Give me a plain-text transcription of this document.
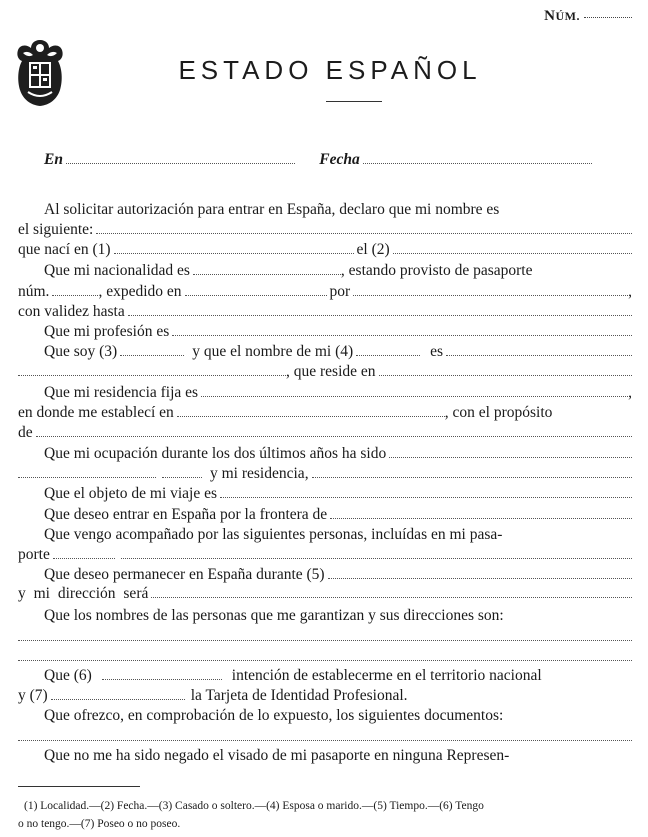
NÚM.
ESTADO ESPAÑOL
En	Fecha
Al solicitar autorización para entrar en España, declaro que mi nombre es
el siguiente:
que nací en (1)	el (2)
Que mi nacionalidad es	, estando provisto de pasaporte
núm.	, expedido en	por	,
con validez hasta
Que mi profesión es
Que soy (3)	y que el nombre de mi (4)	es
, que reside en
Que mi residencia fija es	,
en donde me establecí en	, con el propósito
de
Que mi ocupación durante los dos últimos años ha sido
y mi residencia,
Que el objeto de mi viaje es
Que deseo entrar en España por la frontera de
Que vengo acompañado por las siguientes personas, incluídas en mi pasa-
porte
Que deseo permanecer en España durante (5)
y mi dirección será
Que los nombres de las personas que me garantizan y sus direcciones son:
Que (6)	intención de establecerme en el territorio nacional
y (7)	la Tarjeta de Identidad Profesional.
Que ofrezco, en comprobación de lo expuesto, los siguientes documentos:
Que no me ha sido negado el visado de mi pasaporte en ninguna Represen-
(1) Localidad.—(2) Fecha.—(3) Casado o soltero.—(4) Esposa o marido.—(5) Tiempo.—(6) Tengo
o no tengo.—(7) Poseo o no poseo.
